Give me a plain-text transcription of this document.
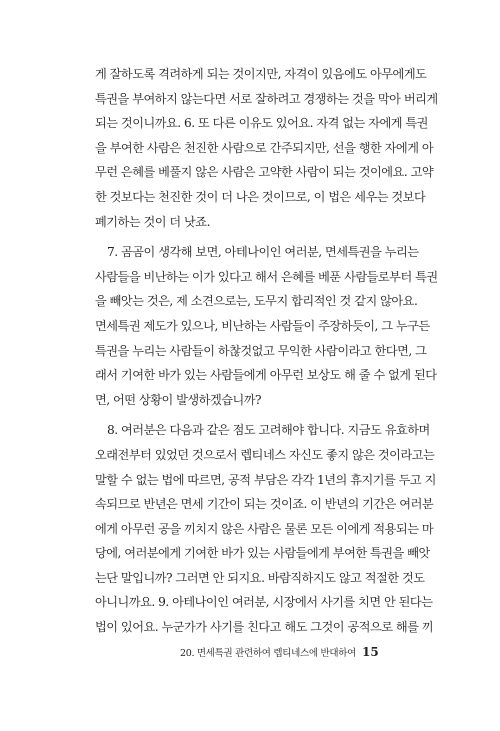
게 잘하도록 격려하게 되는 것이지만, 자격이 있음에도 아무에게도
특권을 부여하지 않는다면 서로 잘하려고 경쟁하는 것을 막아 버리게
되는 것이니까요. 6. 또 다른 이유도 있어요. 자격 없는 자에게 특권
을 부여한 사람은 천진한 사람으로 간주되지만, 선을 행한 자에게 아
무런 은혜를 베풀지 않은 사람은 고약한 사람이 되는 것이에요. 고약
한 것보다는 천진한 것이 더 나은 것이므로, 이 법은 세우는 것보다
폐기하는 것이 더 낫죠.
7. 곰곰이 생각해 보면, 아테나이인 여러분, 면세특권을 누리는
사람들을 비난하는 이가 있다고 해서 은혜를 베푼 사람들로부터 특권
을 빼앗는 것은, 제 소견으로는, 도무지 합리적인 것 같지 않아요.
면세특권 제도가 있으나, 비난하는 사람들이 주장하듯이, 그 누구든
특권을 누리는 사람들이 하찮것없고 무익한 사람이라고 한다면, 그
래서 기여한 바가 있는 사람들에게 아무런 보상도 해 줄 수 없게 된다
면, 어떤 상황이 발생하겠습니까?
8. 여러분은 다음과 같은 점도 고려해야 합니다. 지금도 유효하며
오래전부터 있었던 것으로서 렙티네스 자신도 좋지 않은 것이라고는
말할 수 없는 법에 따르면, 공적 부담은 각각 1년의 휴지기를 두고 지
속되므로 반년은 면세 기간이 되는 것이죠. 이 반년의 기간은 여러분
에게 아무런 공을 끼치지 않은 사람은 물론 모든 이에게 적용되는 마
당에, 여러분에게 기여한 바가 있는 사람들에게 부여한 특권을 빼앗
는단 말입니까? 그러면 안 되지요. 바람직하지도 않고 적절한 것도
아니니까요. 9. 아테나이인 여러분, 시장에서 사기를 치면 안 된다는
법이 있어요. 누군가가 사기를 친다고 해도 그것이 공적으로 해를 끼
20. 면세특권 관련하여 렙티네스에 반대하여 15
